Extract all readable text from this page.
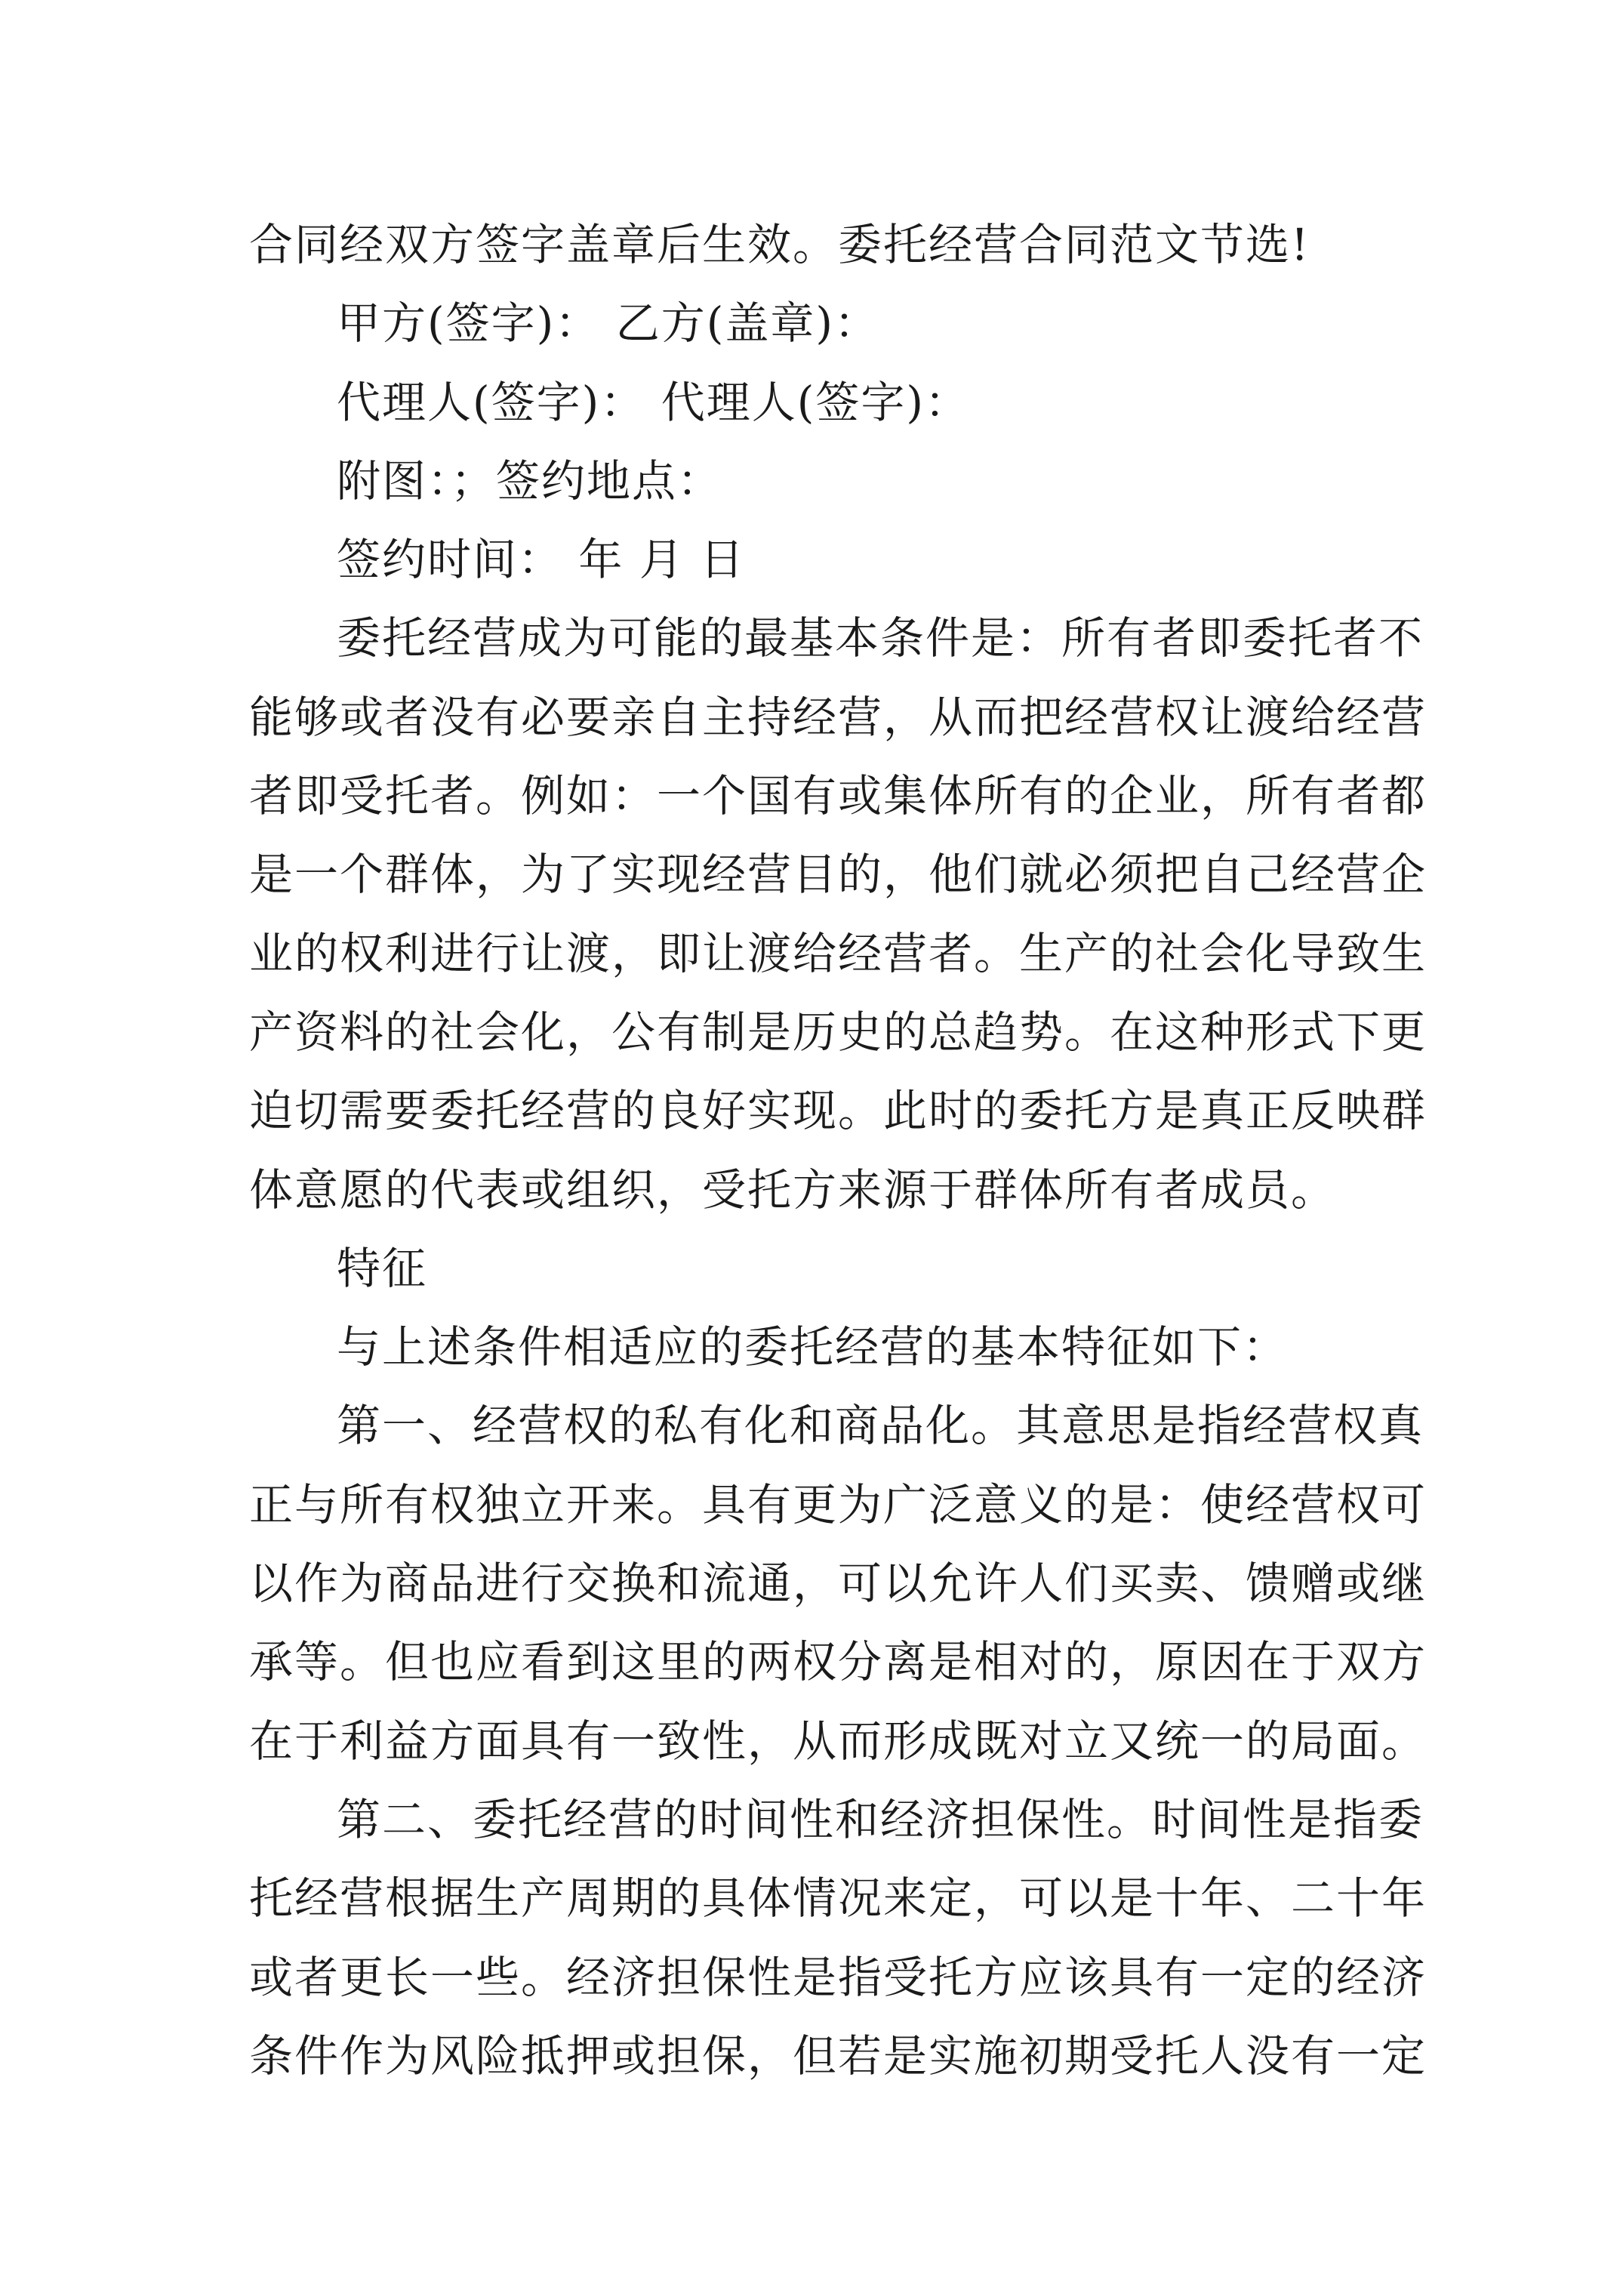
合同经双方签字盖章后生效。委托经营合同范文节选!
甲方(签字)： 乙方(盖章)：
代理人(签字)： 代理人(签字)：
附图：；签约地点：
签约时间： 年 月 日
委托经营成为可能的最基本条件是：所有者即委托者不
能够或者没有必要亲自主持经营，从而把经营权让渡给经营
者即受托者。例如：一个国有或集体所有的企业，所有者都
是一个群体，为了实现经营目的，他们就必须把自己经营企
业的权利进行让渡，即让渡给经营者。生产的社会化导致生
产资料的社会化，公有制是历史的总趋势。在这种形式下更
迫切需要委托经营的良好实现。此时的委托方是真正反映群
体意愿的代表或组织，受托方来源于群体所有者成员。
特征
与上述条件相适应的委托经营的基本特征如下：
第一、经营权的私有化和商品化。其意思是指经营权真
正与所有权独立开来。具有更为广泛意义的是：使经营权可
以作为商品进行交换和流通，可以允许人们买卖、馈赠或继
承等。但也应看到这里的两权分离是相对的，原因在于双方
在于利益方面具有一致性，从而形成既对立又统一的局面。
第二、委托经营的时间性和经济担保性。时间性是指委
托经营根据生产周期的具体情况来定，可以是十年、二十年
或者更长一些。经济担保性是指受托方应该具有一定的经济
条件作为风险抵押或担保，但若是实施初期受托人没有一定
